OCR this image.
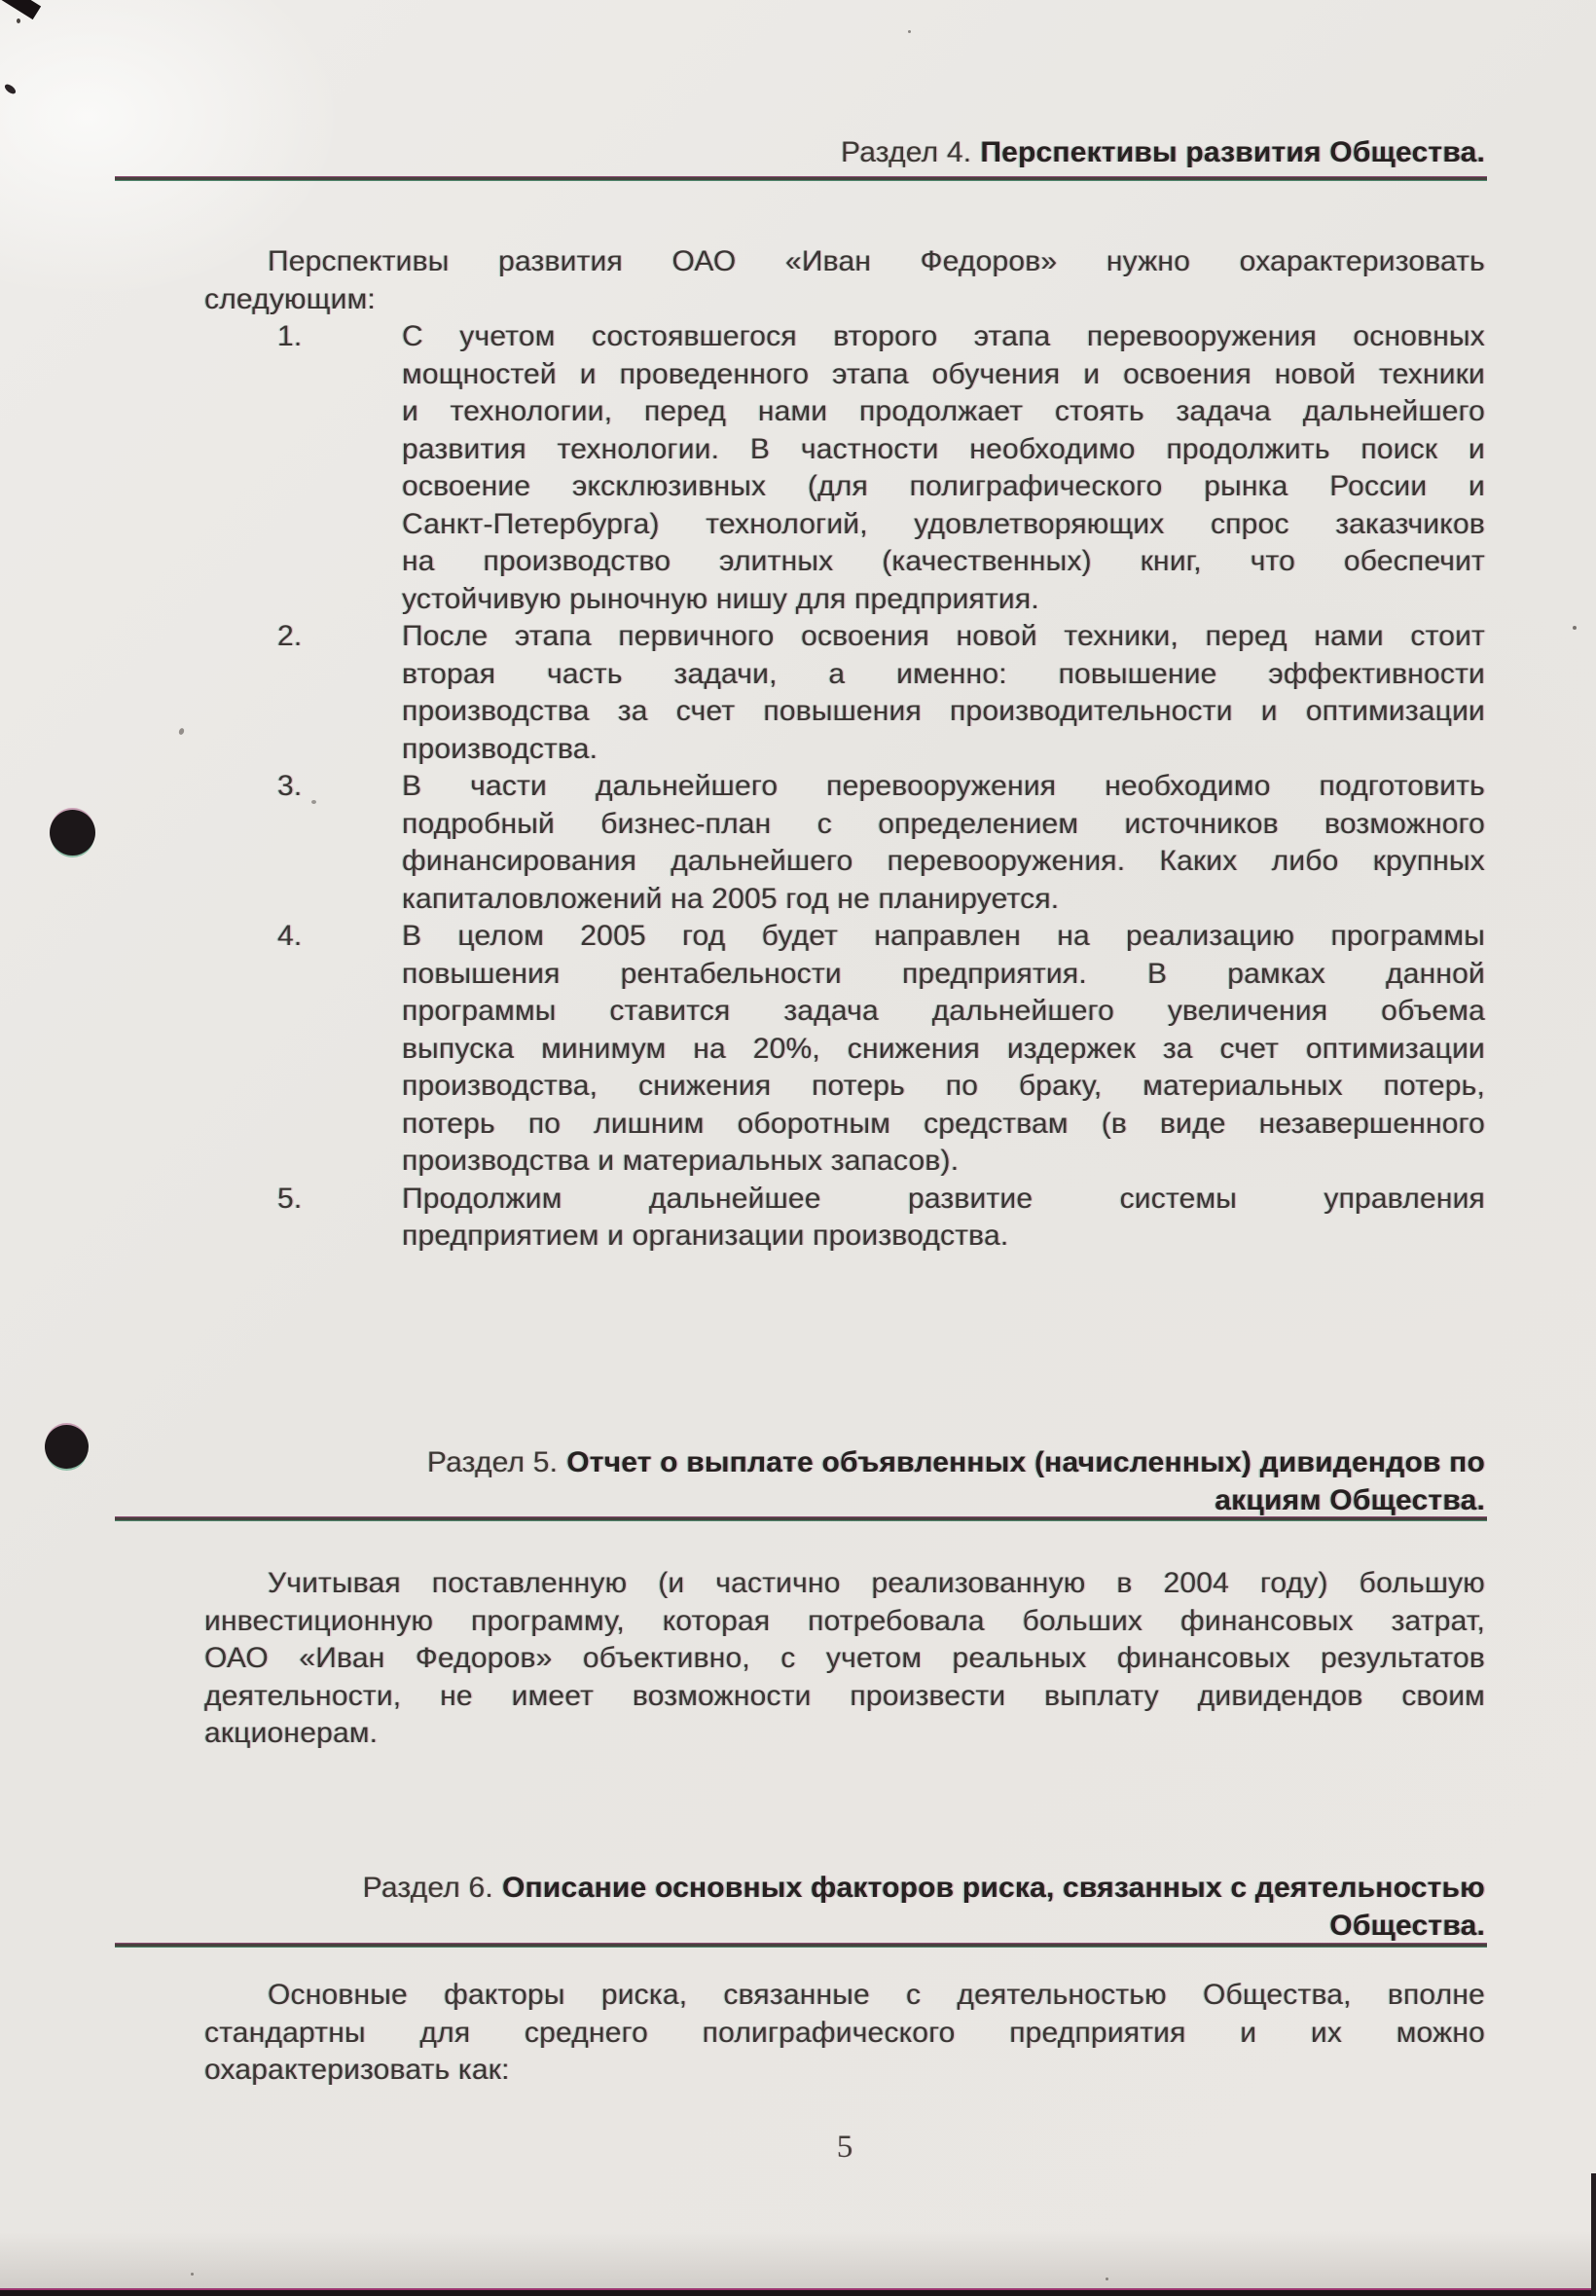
Раздел 4. Перспективы развития Общества.
Перспективы развития ОАО «Иван Федоров» нужно охарактеризовать
следующим:
1.	С учетом состоявшегося второго этапа перевооружения основных
мощностей и проведенного этапа обучения и освоения новой техники
и технологии, перед нами продолжает стоять задача дальнейшего
развития технологии. В частности необходимо продолжить поиск и
освоение эксклюзивных (для полиграфического рынка России и
Санкт-Петербурга) технологий, удовлетворяющих спрос заказчиков
на производство элитных (качественных) книг, что обеспечит
устойчивую рыночную нишу для предприятия.
2.	После этапа первичного освоения новой техники, перед нами стоит
вторая часть задачи, а именно: повышение эффективности
производства за счет повышения производительности и оптимизации
производства.
3.	В части дальнейшего перевооружения необходимо подготовить
подробный бизнес-план с определением источников возможного
финансирования дальнейшего перевооружения. Каких либо крупных
капиталовложений на 2005 год не планируется.
4.	В целом 2005 год будет направлен на реализацию программы
повышения рентабельности предприятия. В рамках данной
программы ставится задача дальнейшего увеличения объема
выпуска минимум на 20%, снижения издержек за счет оптимизации
производства, снижения потерь по браку, материальных потерь,
потерь по лишним оборотным средствам (в виде незавершенного
производства и материальных запасов).
5.	Продолжим дальнейшее развитие системы управления
предприятием и организации производства.
Раздел 5. Отчет о выплате объявленных (начисленных) дивидендов по
акциям Общества.
Учитывая поставленную (и частично реализованную в 2004 году) большую
инвестиционную программу, которая потребовала больших финансовых затрат,
ОАО «Иван Федоров» объективно, с учетом реальных финансовых результатов
деятельности, не имеет возможности произвести выплату дивидендов своим
акционерам.
Раздел 6. Описание основных факторов риска, связанных с деятельностью
Общества.
Основные факторы риска, связанные с деятельностью Общества, вполне
стандартны для среднего полиграфического предприятия и их можно
охарактеризовать как:
5
